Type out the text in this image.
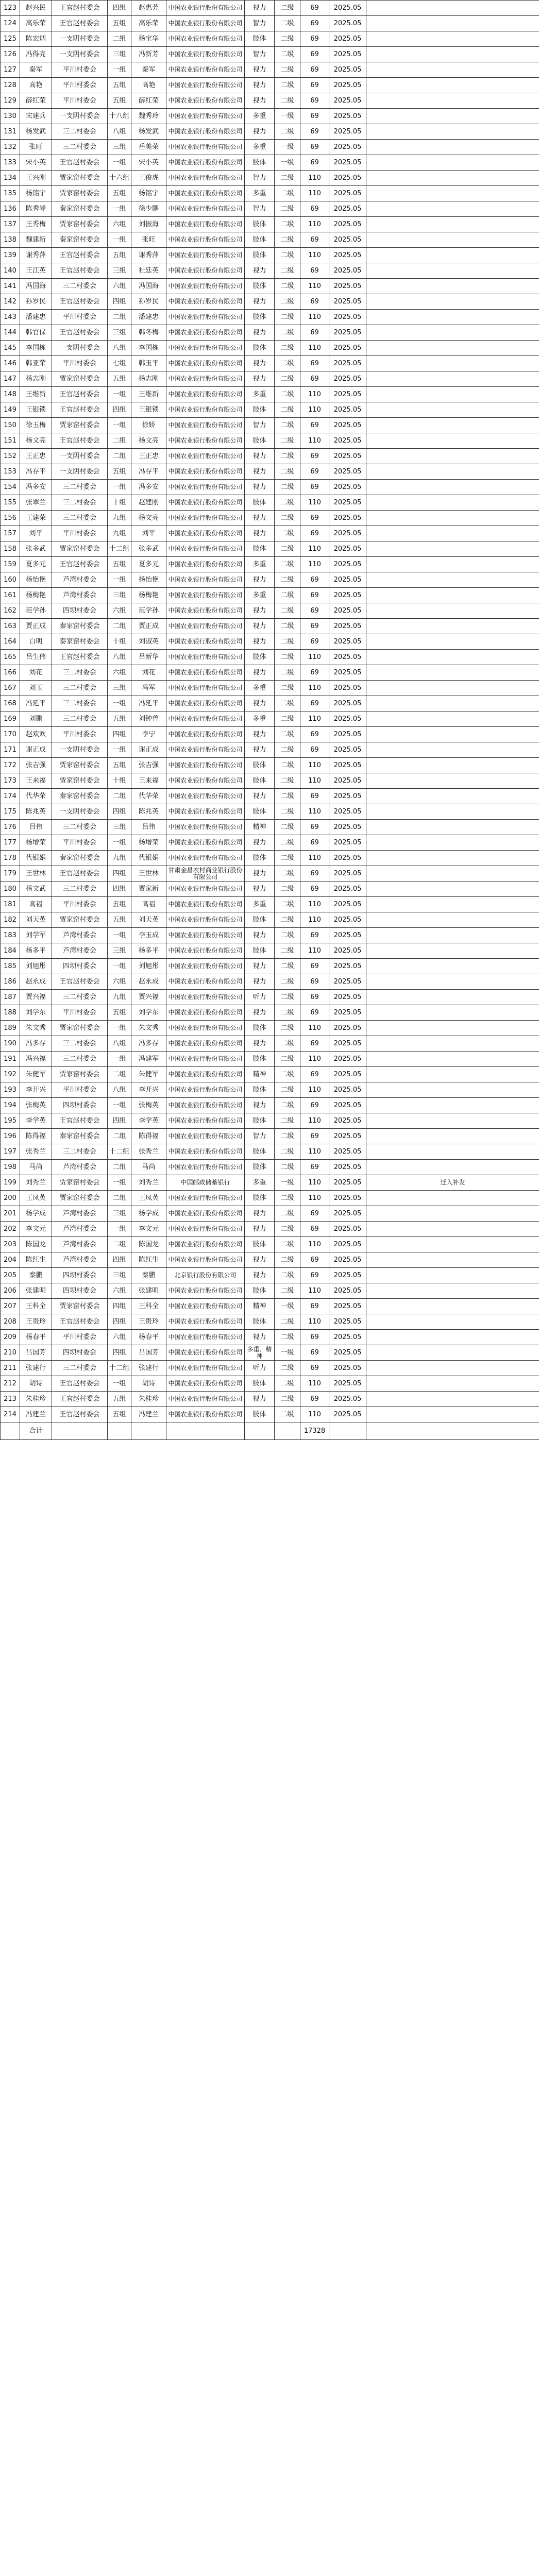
123	赵兴民	王官赵村委会	四组	赵惠芳	中国农业银行股份有限公司	视力	二级	69	2025.05	
124	高乐荣	王官赵村委会	五组	高乐荣	中国农业银行股份有限公司	智力	二级	69	2025.05	
125	陈宏炳	一支阴村委会	二组	杨宝华	中国农业银行股份有限公司	肢体	二级	69	2025.05	
126	冯得亮	一支阴村委会	三组	冯新芳	中国农业银行股份有限公司	智力	二级	69	2025.05	
127	秦军	平川村委会	一组	秦军	中国农业银行股份有限公司	视力	二级	69	2025.05	
128	高艳	平川村委会	五组	高艳	中国农业银行股份有限公司	视力	二级	69	2025.05	
129	薛红荣	平川村委会	五组	薛红荣	中国农业银行股份有限公司	视力	二级	69	2025.05	
130	宋建兵	一支阴村委会	十八组	魏秀玲	中国农业银行股份有限公司	多重	一级	69	2025.05	
131	杨发武	三二村委会	八组	杨发武	中国农业银行股份有限公司	视力	二级	69	2025.05	
132	张旺	三二村委会	三组	岳美荣	中国农业银行股份有限公司	多重	一级	69	2025.05	
133	宋小英	王官赵村委会	一组	宋小英	中国农业银行股份有限公司	肢体	一级	69	2025.05	
134	王兴刚	贾家窑村委会	十六组	王俊虎	中国农业银行股份有限公司	智力	二级	110	2025.05	
135	杨铭宇	贾家窑村委会	五组	杨铭宇	中国农业银行股份有限公司	多重	二级	110	2025.05	
136	陈秀琴	秦家窑村委会	一组	徐少鹏	中国农业银行股份有限公司	智力	二级	69	2025.05	
137	王秀梅	贾家窑村委会	六组	刘振海	中国农业银行股份有限公司	肢体	二级	110	2025.05	
138	魏建新	秦家窑村委会	一组	张旺	中国农业银行股份有限公司	肢体	二级	69	2025.05	
139	谢秀萍	王官赵村委会	五组	谢秀萍	中国农业银行股份有限公司	肢体	二级	110	2025.05	
140	王江英	王官赵村委会	三组	杜廷英	中国农业银行股份有限公司	视力	二级	69	2025.05	
141	冯国海	三二村委会	六组	冯国海	中国农业银行股份有限公司	肢体	二级	110	2025.05	
142	孙岁民	王官赵村委会	四组	孙岁民	中国农业银行股份有限公司	视力	二级	69	2025.05	
143	潘建忠	平川村委会	二组	潘建忠	中国农业银行股份有限公司	肢体	二级	110	2025.05	
144	韩官保	王官赵村委会	三组	韩冬梅	中国农业银行股份有限公司	视力	二级	69	2025.05	
145	李国栋	一支阴村委会	八组	李国栋	中国农业银行股份有限公司	肢体	二级	110	2025.05	
146	韩亚荣	平川村委会	七组	韩玉平	中国农业银行股份有限公司	视力	二级	69	2025.05	
147	杨志刚	贾家窑村委会	五组	杨志刚	中国农业银行股份有限公司	视力	二级	69	2025.05	
148	王维新	王官赵村委会	一组	王维新	中国农业银行股份有限公司	多重	二级	110	2025.05	
149	王银锁	王官赵村委会	四组	王银锁	中国农业银行股份有限公司	肢体	二级	110	2025.05	
150	徐玉梅	贾家窑村委会	一组	徐娇	中国农业银行股份有限公司	智力	二级	69	2025.05	
151	杨文亮	王官赵村委会	二组	杨文亮	中国农业银行股份有限公司	肢体	二级	110	2025.05	
152	王正忠	一支阴村委会	二组	王正忠	中国农业银行股份有限公司	视力	二级	69	2025.05	
153	冯存平	一支阴村委会	五组	冯存平	中国农业银行股份有限公司	视力	二级	69	2025.05	
154	冯多安	三二村委会	一组	冯多安	中国农业银行股份有限公司	视力	二级	69	2025.05	
155	张翠兰	三二村委会	十组	赵建刚	中国农业银行股份有限公司	肢体	二级	110	2025.05	
156	王建荣	三二村委会	九组	杨文亮	中国农业银行股份有限公司	视力	二级	69	2025.05	
157	刘平	平川村委会	九组	刘平	中国农业银行股份有限公司	视力	二级	69	2025.05	
158	张多武	贾家窑村委会	十二组	张多武	中国农业银行股份有限公司	肢体	二级	110	2025.05	
159	夏多元	王官赵村委会	五组	夏多元	中国农业银行股份有限公司	多重	二级	110	2025.05	
160	杨怡艳	芦湾村委会	一组	杨怡艳	中国农业银行股份有限公司	视力	二级	69	2025.05	
161	杨梅艳	芦湾村委会	三组	杨梅艳	中国农业银行股份有限公司	多重	二级	69	2025.05	
162	范学孙	四坝村委会	六组	范学孙	中国农业银行股份有限公司	视力	二级	69	2025.05	
163	贾正成	秦家窑村委会	二组	贾正成	中国农业银行股份有限公司	视力	二级	69	2025.05	
164	白明	秦家窑村委会	十组	刘淑英	中国农业银行股份有限公司	视力	二级	69	2025.05	
165	吕生伟	王官赵村委会	八组	吕新华	中国农业银行股份有限公司	肢体	二级	110	2025.05	
166	刘花	三二村委会	六组	刘花	中国农业银行股份有限公司	视力	二级	69	2025.05	
167	刘玉	三二村委会	三组	冯军	中国农业银行股份有限公司	多重	二级	110	2025.05	
168	冯延平	三二村委会	一组	冯延平	中国农业银行股份有限公司	视力	二级	69	2025.05	
169	刘鹏	三二村委会	五组	刘钟曾	中国农业银行股份有限公司	多重	二级	110	2025.05	
170	赵欢欢	平川村委会	四组	李宁	中国农业银行股份有限公司	视力	二级	69	2025.05	
171	谢正成	一支阴村委会	一组	谢正成	中国农业银行股份有限公司	视力	二级	69	2025.05	
172	张吉强	贾家窑村委会	五组	张吉强	中国农业银行股份有限公司	肢体	二级	110	2025.05	
173	王来福	贾家窑村委会	十组	王来福	中国农业银行股份有限公司	肢体	二级	110	2025.05	
174	代华荣	秦家窑村委会	二组	代华荣	中国农业银行股份有限公司	视力	二级	69	2025.05	
175	陈兆英	一支阴村委会	四组	陈兆英	中国农业银行股份有限公司	肢体	二级	110	2025.05	
176	吕伟	三二村委会	三组	吕伟	中国农业银行股份有限公司	精神	二级	69	2025.05	
177	杨增荣	平川村委会	一组	杨增荣	中国农业银行股份有限公司	视力	二级	69	2025.05	
178	代银娟	秦家窑村委会	九组	代银娟	中国农业银行股份有限公司	肢体	二级	110	2025.05	
179	王世林	王官赵村委会	四组	王世林	甘肃金昌农村商业银行股份有限公司	视力	二级	69	2025.05	
180	杨文武	三二村委会	四组	贾家新	中国农业银行股份有限公司	视力	二级	69	2025.05	
181	高福	平川村委会	五组	高福	中国农业银行股份有限公司	多重	二级	110	2025.05	
182	刘天英	贾家窑村委会	五组	刘天英	中国农业银行股份有限公司	肢体	二级	110	2025.05	
183	刘学军	芦湾村委会	一组	李玉成	中国农业银行股份有限公司	视力	二级	69	2025.05	
184	杨多平	芦湾村委会	三组	杨多平	中国农业银行股份有限公司	肢体	二级	110	2025.05	
185	刘旭彤	四坝村委会	一组	刘旭彤	中国农业银行股份有限公司	视力	二级	69	2025.05	
186	赵永成	王官赵村委会	六组	赵永成	中国农业银行股份有限公司	视力	二级	69	2025.05	
187	贾兴福	三二村委会	九组	贾兴福	中国农业银行股份有限公司	听力	二级	69	2025.05	
188	刘学东	平川村委会	五组	刘学东	中国农业银行股份有限公司	视力	二级	69	2025.05	
189	朱文秀	贾家窑村委会	一组	朱文秀	中国农业银行股份有限公司	肢体	二级	110	2025.05	
190	冯多存	三二村委会	八组	冯多存	中国农业银行股份有限公司	视力	二级	69	2025.05	
191	冯兴福	三二村委会	一组	冯建军	中国农业银行股份有限公司	肢体	二级	110	2025.05	
192	朱健军	贾家窑村委会	二组	朱健军	中国农业银行股份有限公司	精神	二级	69	2025.05	
193	李开兴	平川村委会	八组	李开兴	中国农业银行股份有限公司	肢体	二级	110	2025.05	
194	张梅英	四坝村委会	一组	张梅英	中国农业银行股份有限公司	视力	二级	69	2025.05	
195	李学英	王官赵村委会	四组	李学英	中国农业银行股份有限公司	肢体	二级	110	2025.05	
196	陈得福	秦家窑村委会	二组	陈得福	中国农业银行股份有限公司	智力	二级	69	2025.05	
197	张秀兰	三二村委会	十二组	张秀兰	中国农业银行股份有限公司	肢体	二级	110	2025.05	
198	马尚	芦湾村委会	二组	马尚	中国农业银行股份有限公司	肢体	二级	69	2025.05	
199	刘秀兰	贾家窑村委会	一组	刘秀兰	中国邮政储蓄银行	多重	一级	110	2025.05	迁入补发
200	王凤英	贾家窑村委会	二组	王凤英	中国农业银行股份有限公司	肢体	二级	110	2025.05	
201	杨学成	芦湾村委会	三组	杨学成	中国农业银行股份有限公司	视力	二级	69	2025.05	
202	李文元	芦湾村委会	一组	李文元	中国农业银行股份有限公司	视力	二级	69	2025.05	
203	陈国龙	芦湾村委会	二组	陈国龙	中国农业银行股份有限公司	肢体	二级	110	2025.05	
204	陈红生	芦湾村委会	四组	陈红生	中国农业银行股份有限公司	视力	二级	69	2025.05	
205	秦鹏	四坝村委会	三组	秦鹏	北京银行股份有限公司	视力	二级	69	2025.05	
206	张建明	四坝村委会	六组	张建明	中国农业银行股份有限公司	肢体	二级	110	2025.05	
207	王科全	贾家窑村委会	四组	王科全	中国农业银行股份有限公司	精神	一级	69	2025.05	
208	王贵玲	王官赵村委会	四组	王贵玲	中国农业银行股份有限公司	肢体	二级	110	2025.05	
209	杨春平	平川村委会	六组	杨春平	中国农业银行股份有限公司	视力	二级	69	2025.05	
210	吕国芳	四坝村委会	四组	吕国芳	中国农业银行股份有限公司	多重、精神	一级	69	2025.05	
211	张建行	三二村委会	十二组	张建行	中国农业银行股份有限公司	听力	二级	69	2025.05	
212	胡诗	王官赵村委会	一组	胡诗	中国农业银行股份有限公司	肢体	二级	110	2025.05	
213	朱桂珍	王官赵村委会	五组	朱桂珍	中国农业银行股份有限公司	视力	二级	69	2025.05	
214	冯建兰	王官赵村委会	五组	冯建兰	中国农业银行股份有限公司	肢体	二级	110	2025.05	
	合计							17328		
